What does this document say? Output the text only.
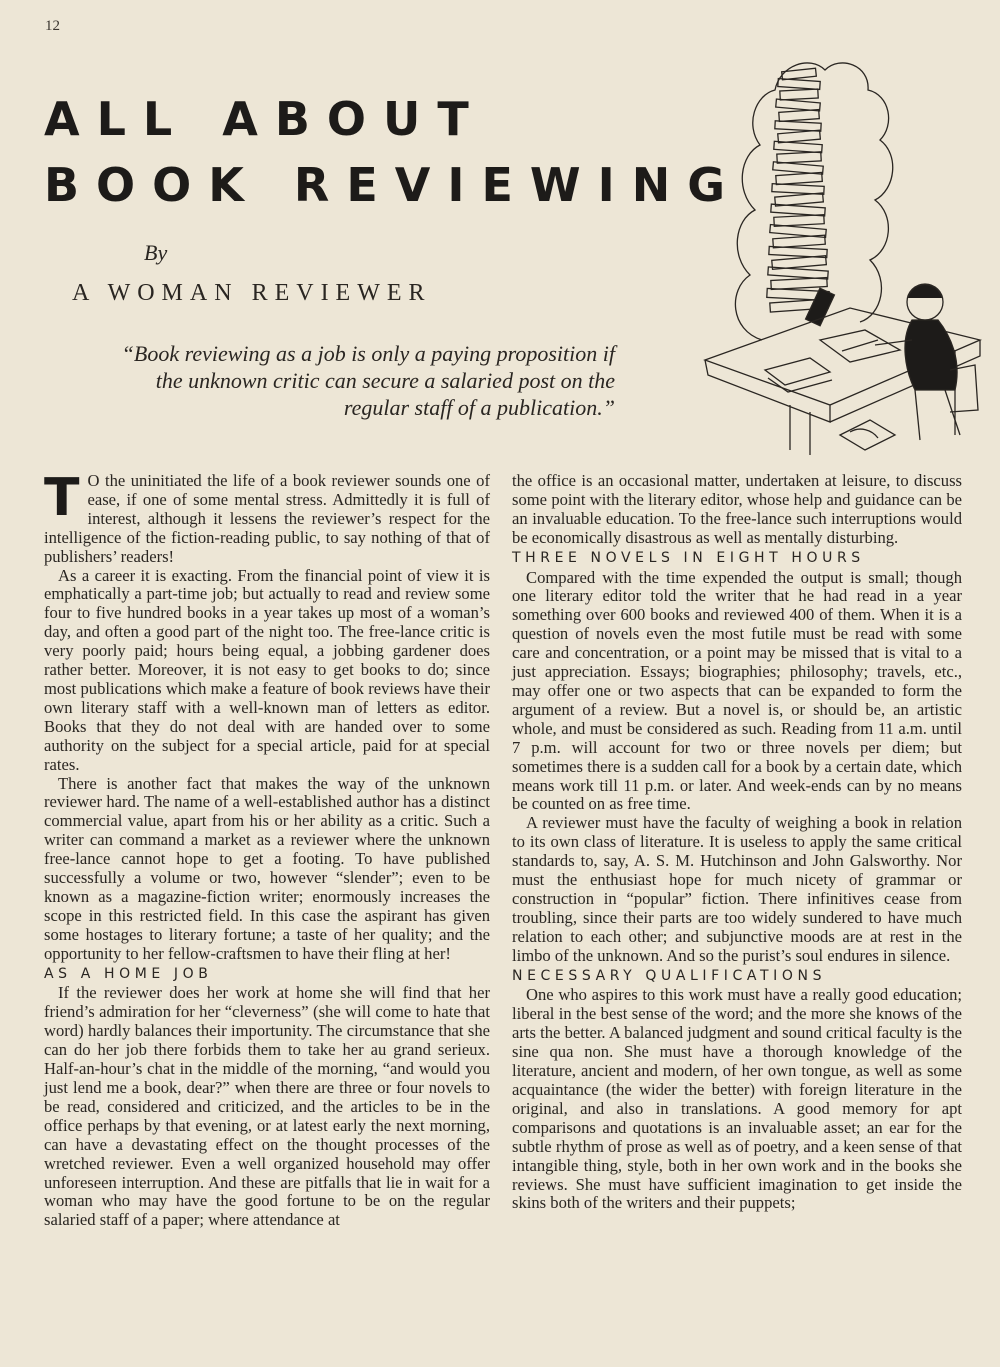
12
ALL ABOUT
BOOK REVIEWING
By
A WOMAN REVIEWER
“Book reviewing as a job is only a paying proposition if the unknown critic can secure a salaried post on the regular staff of a publication.”

T O the uninitiated the life of a book reviewer sounds one of ease, if one of some mental stress. Admittedly it is full of interest, although it lessens the reviewer’s respect for the intelligence of the fiction-reading public, to say nothing of that of publishers’ readers!

As a career it is exacting. From the financial point of view it is emphatically a part-time job; but actually to read and review some four to five hundred books in a year takes up most of a woman’s day, and often a good part of the night too. The free-lance critic is very poorly paid; hours being equal, a jobbing gardener does rather better. Moreover, it is not easy to get books to do; since most publications which make a feature of book reviews have their own literary staff with a well-known man of letters as editor. Books that they do not deal with are handed over to some authority on the subject for a special article, paid for at special rates.

There is another fact that makes the way of the unknown reviewer hard. The name of a well-established author has a distinct commercial value, apart from his or her ability as a critic. Such a writer can command a market as a reviewer where the unknown free-lance cannot hope to get a footing. To have published successfully a volume or two, however “slender”; even to be known as a magazine-fiction writer; enormously increases the scope in this restricted field. In this case the aspirant has given some hostages to literary fortune; a taste of her quality; and the opportunity to her fellow-craftsmen to have their fling at her!

AS A HOME JOB

If the reviewer does her work at home she will find that her friend’s admiration for her “cleverness” (she will come to hate that word) hardly balances their importunity. The circumstance that she can do her job there forbids them to take her au grand serieux. Half-an-hour’s chat in the middle of the morning, “and would you just lend me a book, dear?” when there are three or four novels to be read, considered and criticized, and the articles to be in the office perhaps by that evening, or at latest early the next morning, can have a devastating effect on the thought processes of the wretched reviewer. Even a well organized household may offer unforeseen interruption. And these are pitfalls that lie in wait for a woman who may have the good fortune to be on the regular salaried staff of a paper; where attendance at

the office is an occasional matter, undertaken at leisure, to discuss some point with the literary editor, whose help and guidance can be an invaluable education. To the free-lance such interruptions would be economically disastrous as well as mentally disturbing.

THREE NOVELS IN EIGHT HOURS

Compared with the time expended the output is small; though one literary editor told the writer that he had read in a year something over 600 books and reviewed 400 of them. When it is a question of novels even the most futile must be read with some care and concentration, or a point may be missed that is vital to a just appreciation. Essays; biographies; philosophy; travels, etc., may offer one or two aspects that can be expanded to form the argument of a review. But a novel is, or should be, an artistic whole, and must be considered as such. Reading from 11 a.m. until 7 p.m. will account for two or three novels per diem; but sometimes there is a sudden call for a book by a certain date, which means work till 11 p.m. or later. And week-ends can by no means be counted on as free time.

A reviewer must have the faculty of weighing a book in relation to its own class of literature. It is useless to apply the same critical standards to, say, A. S. M. Hutchinson and John Galsworthy. Nor must the enthusiast hope for much nicety of grammar or construction in “popular” fiction. There infinitives cease from troubling, since their parts are too widely sundered to have much relation to each other; and subjunctive moods are at rest in the limbo of the unknown. And so the purist’s soul endures in silence.

NECESSARY QUALIFICATIONS

One who aspires to this work must have a really good education; liberal in the best sense of the word; and the more she knows of the arts the better. A balanced judgment and sound critical faculty is the sine qua non. She must have a thorough knowledge of the literature, ancient and modern, of her own tongue, as well as some acquaintance (the wider the better) with foreign literature in the original, and also in translations. A good memory for apt comparisons and quotations is an invaluable asset; an ear for the subtle rhythm of prose as well as of poetry, and a keen sense of that intangible thing, style, both in her own work and in the books she reviews. She must have sufficient imagination to get inside the skins both of the writers and their puppets;
